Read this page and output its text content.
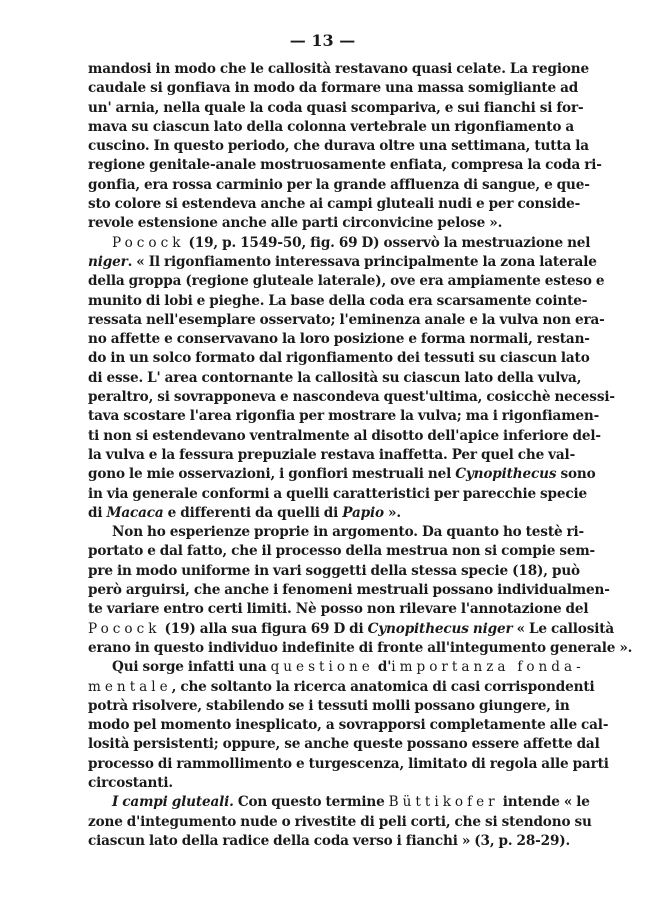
— 13 —
mandosi in modo che le callosità restavano quasi celate. La regione
caudale si gonfiava in modo da formare una massa somigliante ad
un' arnia, nella quale la coda quasi scompariva, e sui fianchi si for-
mava su ciascun lato della colonna vertebrale un rigonfiamento a
cuscino. In questo periodo, che durava oltre una settimana, tutta la
regione genitale-anale mostruosamente enfiata, compresa la coda ri-
gonfia, era rossa carminio per la grande affluenza di sangue, e que-
sto colore si estendeva anche ai campi gluteali nudi e per conside-
revole estensione anche alle parti circonvicine pelose ».
Pocock (19, p. 1549-50, fig. 69 D) osservò la mestruazione nel
niger. « Il rigonfiamento interessava principalmente la zona laterale
della groppa (regione gluteale laterale), ove era ampiamente esteso e
munito di lobi e pieghe. La base della coda era scarsamente cointe-
ressata nell'esemplare osservato; l'eminenza anale e la vulva non era-
no affette e conservavano la loro posizione e forma normali, restan-
do in un solco formato dal rigonfiamento dei tessuti su ciascun lato
di esse. L' area contornante la callosità su ciascun lato della vulva,
peraltro, si sovrapponeva e nascondeva quest'ultima, cosicchè necessi-
tava scostare l'area rigonfia per mostrare la vulva; ma i rigonfiamen-
ti non si estendevano ventralmente al disotto dell'apice inferiore del-
la vulva e la fessura prepuziale restava inaffetta. Per quel che val-
gono le mie osservazioni, i gonfiori mestruali nel Cynopithecus sono
in via generale conformi a quelli caratteristici per parecchie specie
di Macaca e differenti da quelli di Papio ».
Non ho esperienze proprie in argomento. Da quanto ho testè ri-
portato e dal fatto, che il processo della mestrua non si compie sem-
pre in modo uniforme in vari soggetti della stessa specie (18), può
però arguirsi, che anche i fenomeni mestruali possano individualmen-
te variare entro certi limiti. Nè posso non rilevare l'annotazione del
Pocock (19) alla sua figura 69 D di Cynopithecus niger « Le callosità
erano in questo individuo indefinite di fronte all'integumento generale ».
Qui sorge infatti una questione d'importanza fonda-
mentale, che soltanto la ricerca anatomica di casi corrispondenti
potrà risolvere, stabilendo se i tessuti molli possano giungere, in
modo pel momento inesplicato, a sovrapporsi completamente alle cal-
losità persistenti; oppure, se anche queste possano essere affette dal
processo di rammollimento e turgescenza, limitato di regola alle parti
circostanti.
I campi gluteali. Con questo termine Büttikofer intende « le
zone d'integumento nude o rivestite di peli corti, che si stendono su
ciascun lato della radice della coda verso i fianchi » (3, p. 28-29).
